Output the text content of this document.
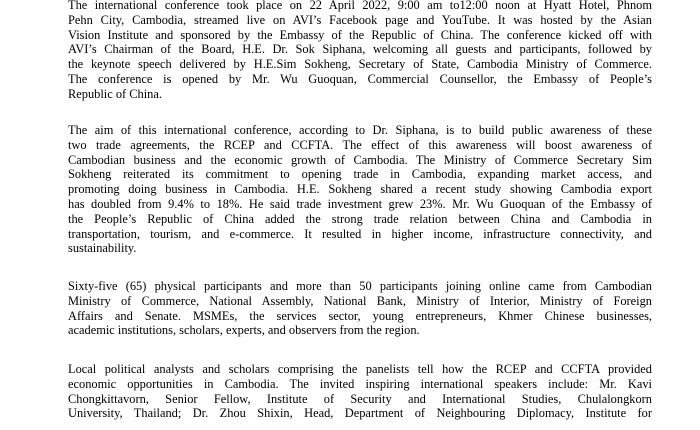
The international conference took place on 22 April 2022, 9:00 am to12:00 noon at Hyatt Hotel, Phnom
Pehn City, Cambodia, streamed live on AVI’s Facebook page and YouTube. It was hosted by the Asian
Vision Institute and sponsored by the Embassy of the Republic of China. The conference kicked off with
AVI’s Chairman of the Board, H.E. Dr. Sok Siphana, welcoming all guests and participants, followed by
the keynote speech delivered by H.E.Sim Sokheng, Secretary of State, Cambodia Ministry of Commerce.
The conference is opened by Mr. Wu Guoquan, Commercial Counsellor, the Embassy of People’s
Republic of China.
The aim of this international conference, according to Dr. Siphana, is to build public awareness of these
two trade agreements, the RCEP and CCFTA. The effect of this awareness will boost awareness of
Cambodian business and the economic growth of Cambodia. The Ministry of Commerce Secretary Sim
Sokheng reiterated its commitment to opening trade in Cambodia, expanding market access, and
promoting doing business in Cambodia. H.E. Sokheng shared a recent study showing Cambodia export
has doubled from 9.4% to 18%. He said trade investment grew 23%. Mr. Wu Guoquan of the Embassy of
the People’s Republic of China added the strong trade relation between China and Cambodia in
transportation, tourism, and e-commerce. It resulted in higher income, infrastructure connectivity, and
sustainability.
Sixty-five (65) physical participants and more than 50 participants joining online came from Cambodian
Ministry of Commerce, National Assembly, National Bank, Ministry of Interior, Ministry of Foreign
Affairs and Senate. MSMEs, the services sector, young entrepreneurs, Khmer Chinese businesses,
academic institutions, scholars, experts, and observers from the region.
Local political analysts and scholars comprising the panelists tell how the RCEP and CCFTA provided
economic opportunities in Cambodia. The invited inspiring international speakers include: Mr. Kavi
Chongkittavorn, Senior Fellow, Institute of Security and International Studies, Chulalongkorn
University, Thailand; Dr. Zhou Shixin, Head, Department of Neighbouring Diplomacy, Institute for
